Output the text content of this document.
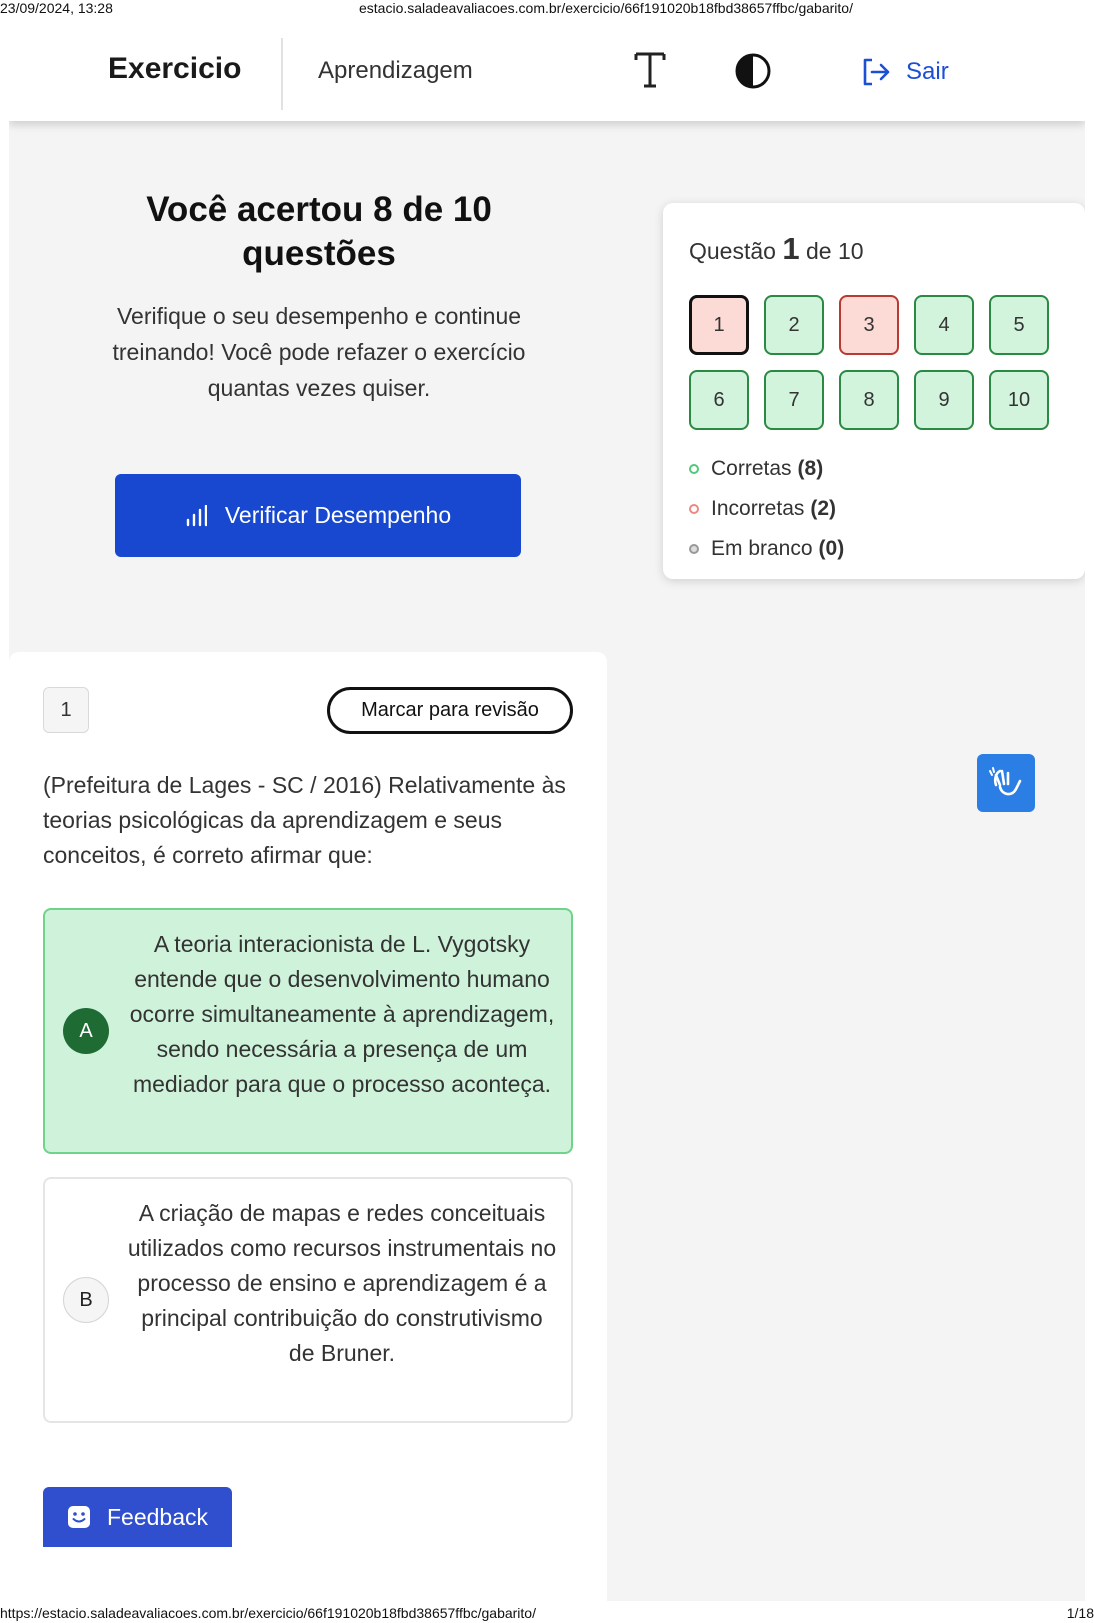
23/09/2024, 13:28	estacio.saladeavaliacoes.com.br/exercicio/66f191020b18fbd38657ffbc/gabarito/
Exercicio	Aprendizagem	Sair
Você acertou 8 de 10 questões
Verifique o seu desempenho e continue treinando! Você pode refazer o exercício quantas vezes quiser.
Verificar Desempenho
Questão 1 de 10
1	2	3	4	5
6	7	8	9	10
Corretas (8)
Incorretas (2)
Em branco (0)
1	Marcar para revisão
(Prefeitura de Lages - SC / 2016) Relativamente às teorias psicológicas da aprendizagem e seus conceitos, é correto afirmar que:
A
A teoria interacionista de L. Vygotsky entende que o desenvolvimento humano ocorre simultaneamente à aprendizagem, sendo necessária a presença de um mediador para que o processo aconteça.
B
A criação de mapas e redes conceituais utilizados como recursos instrumentais no processo de ensino e aprendizagem é a principal contribuição do construtivismo de Bruner.
Feedback
https://estacio.saladeavaliacoes.com.br/exercicio/66f191020b18fbd38657ffbc/gabarito/	1/18
